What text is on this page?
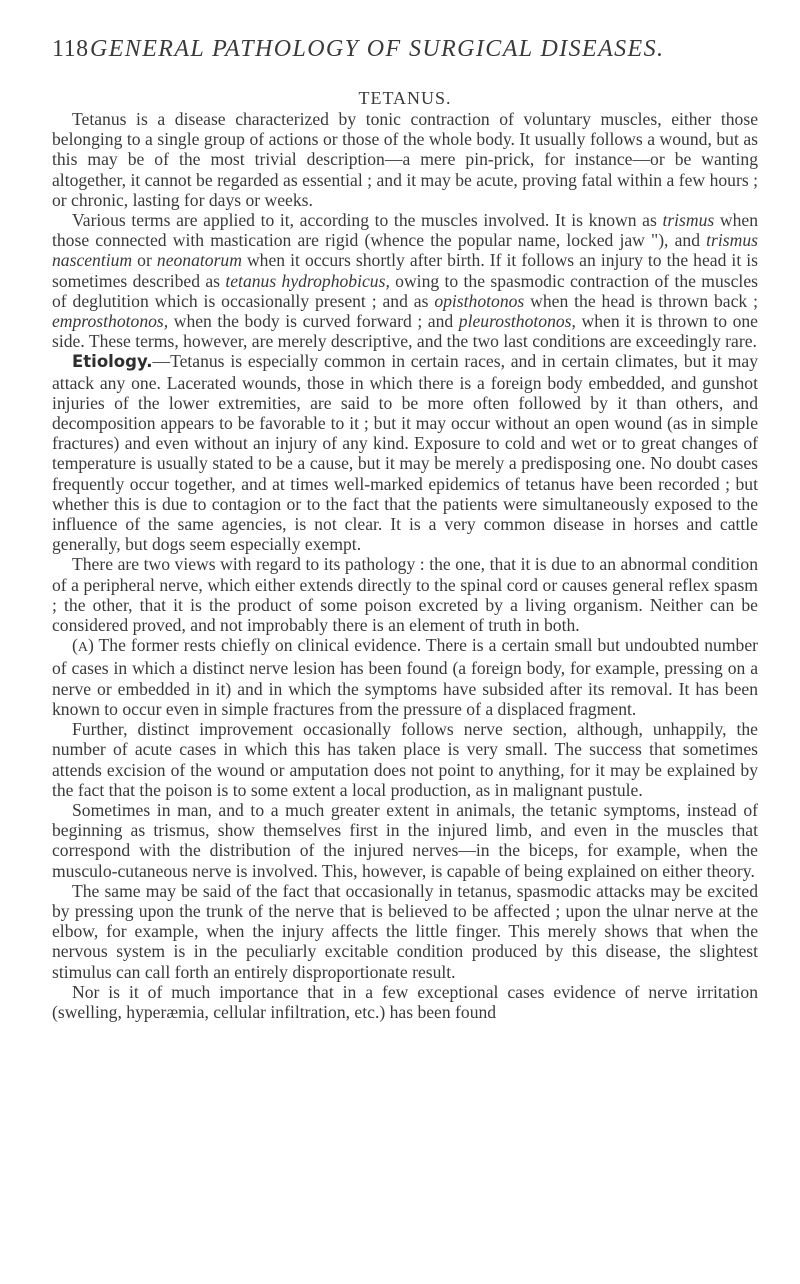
118 GENERAL PATHOLOGY OF SURGICAL DISEASES.
TETANUS.

Tetanus is a disease characterized by tonic contraction of voluntary muscles, either those belonging to a single group of actions or those of the whole body. It usually follows a wound, but as this may be of the most trivial description—a mere pin-prick, for instance—or be wanting altogether, it cannot be regarded as essential ; and it may be acute, proving fatal within a few hours ; or chronic, lasting for days or weeks.

Various terms are applied to it, according to the muscles involved. It is known as trismus when those connected with mastication are rigid (whence the popular name, locked jaw "), and trismus nascentium or neonatorum when it occurs shortly after birth. If it follows an injury to the head it is sometimes described as tetanus hydrophobicus, owing to the spasmodic contraction of the muscles of deglutition which is occasionally present ; and as opisthotonos when the head is thrown back ; emprosthotonos, when the body is curved forward ; and pleurosthotonos, when it is thrown to one side. These terms, however, are merely descriptive, and the two last conditions are exceedingly rare.

Etiology.—Tetanus is especially common in certain races, and in certain climates, but it may attack any one. Lacerated wounds, those in which there is a foreign body embedded, and gunshot injuries of the lower extremities, are said to be more often followed by it than others, and decomposition appears to be favorable to it ; but it may occur without an open wound (as in simple fractures) and even without an injury of any kind. Exposure to cold and wet or to great changes of temperature is usually stated to be a cause, but it may be merely a predisposing one. No doubt cases frequently occur together, and at times well-marked epidemics of tetanus have been recorded ; but whether this is due to contagion or to the fact that the patients were simultaneously exposed to the influence of the same agencies, is not clear. It is a very common disease in horses and cattle generally, but dogs seem especially exempt.

There are two views with regard to its pathology : the one, that it is due to an abnormal condition of a peripheral nerve, which either extends directly to the spinal cord or causes general reflex spasm ; the other, that it is the product of some poison excreted by a living organism. Neither can be considered proved, and not improbably there is an element of truth in both.

(A) The former rests chiefly on clinical evidence. There is a certain small but undoubted number of cases in which a distinct nerve lesion has been found (a foreign body, for example, pressing on a nerve or embedded in it) and in which the symptoms have subsided after its removal. It has been known to occur even in simple fractures from the pressure of a displaced fragment.

Further, distinct improvement occasionally follows nerve section, although, unhappily, the number of acute cases in which this has taken place is very small. The success that sometimes attends excision of the wound or amputation does not point to anything, for it may be explained by the fact that the poison is to some extent a local production, as in malignant pustule.

Sometimes in man, and to a much greater extent in animals, the tetanic symptoms, instead of beginning as trismus, show themselves first in the injured limb, and even in the muscles that correspond with the distribution of the injured nerves—in the biceps, for example, when the musculo-cutaneous nerve is involved. This, however, is capable of being explained on either theory.

The same may be said of the fact that occasionally in tetanus, spasmodic attacks may be excited by pressing upon the trunk of the nerve that is believed to be affected ; upon the ulnar nerve at the elbow, for example, when the injury affects the little finger. This merely shows that when the nervous system is in the peculiarly excitable condition produced by this disease, the slightest stimulus can call forth an entirely disproportionate result.

Nor is it of much importance that in a few exceptional cases evidence of nerve irritation (swelling, hyperæmia, cellular infiltration, etc.) has been found
